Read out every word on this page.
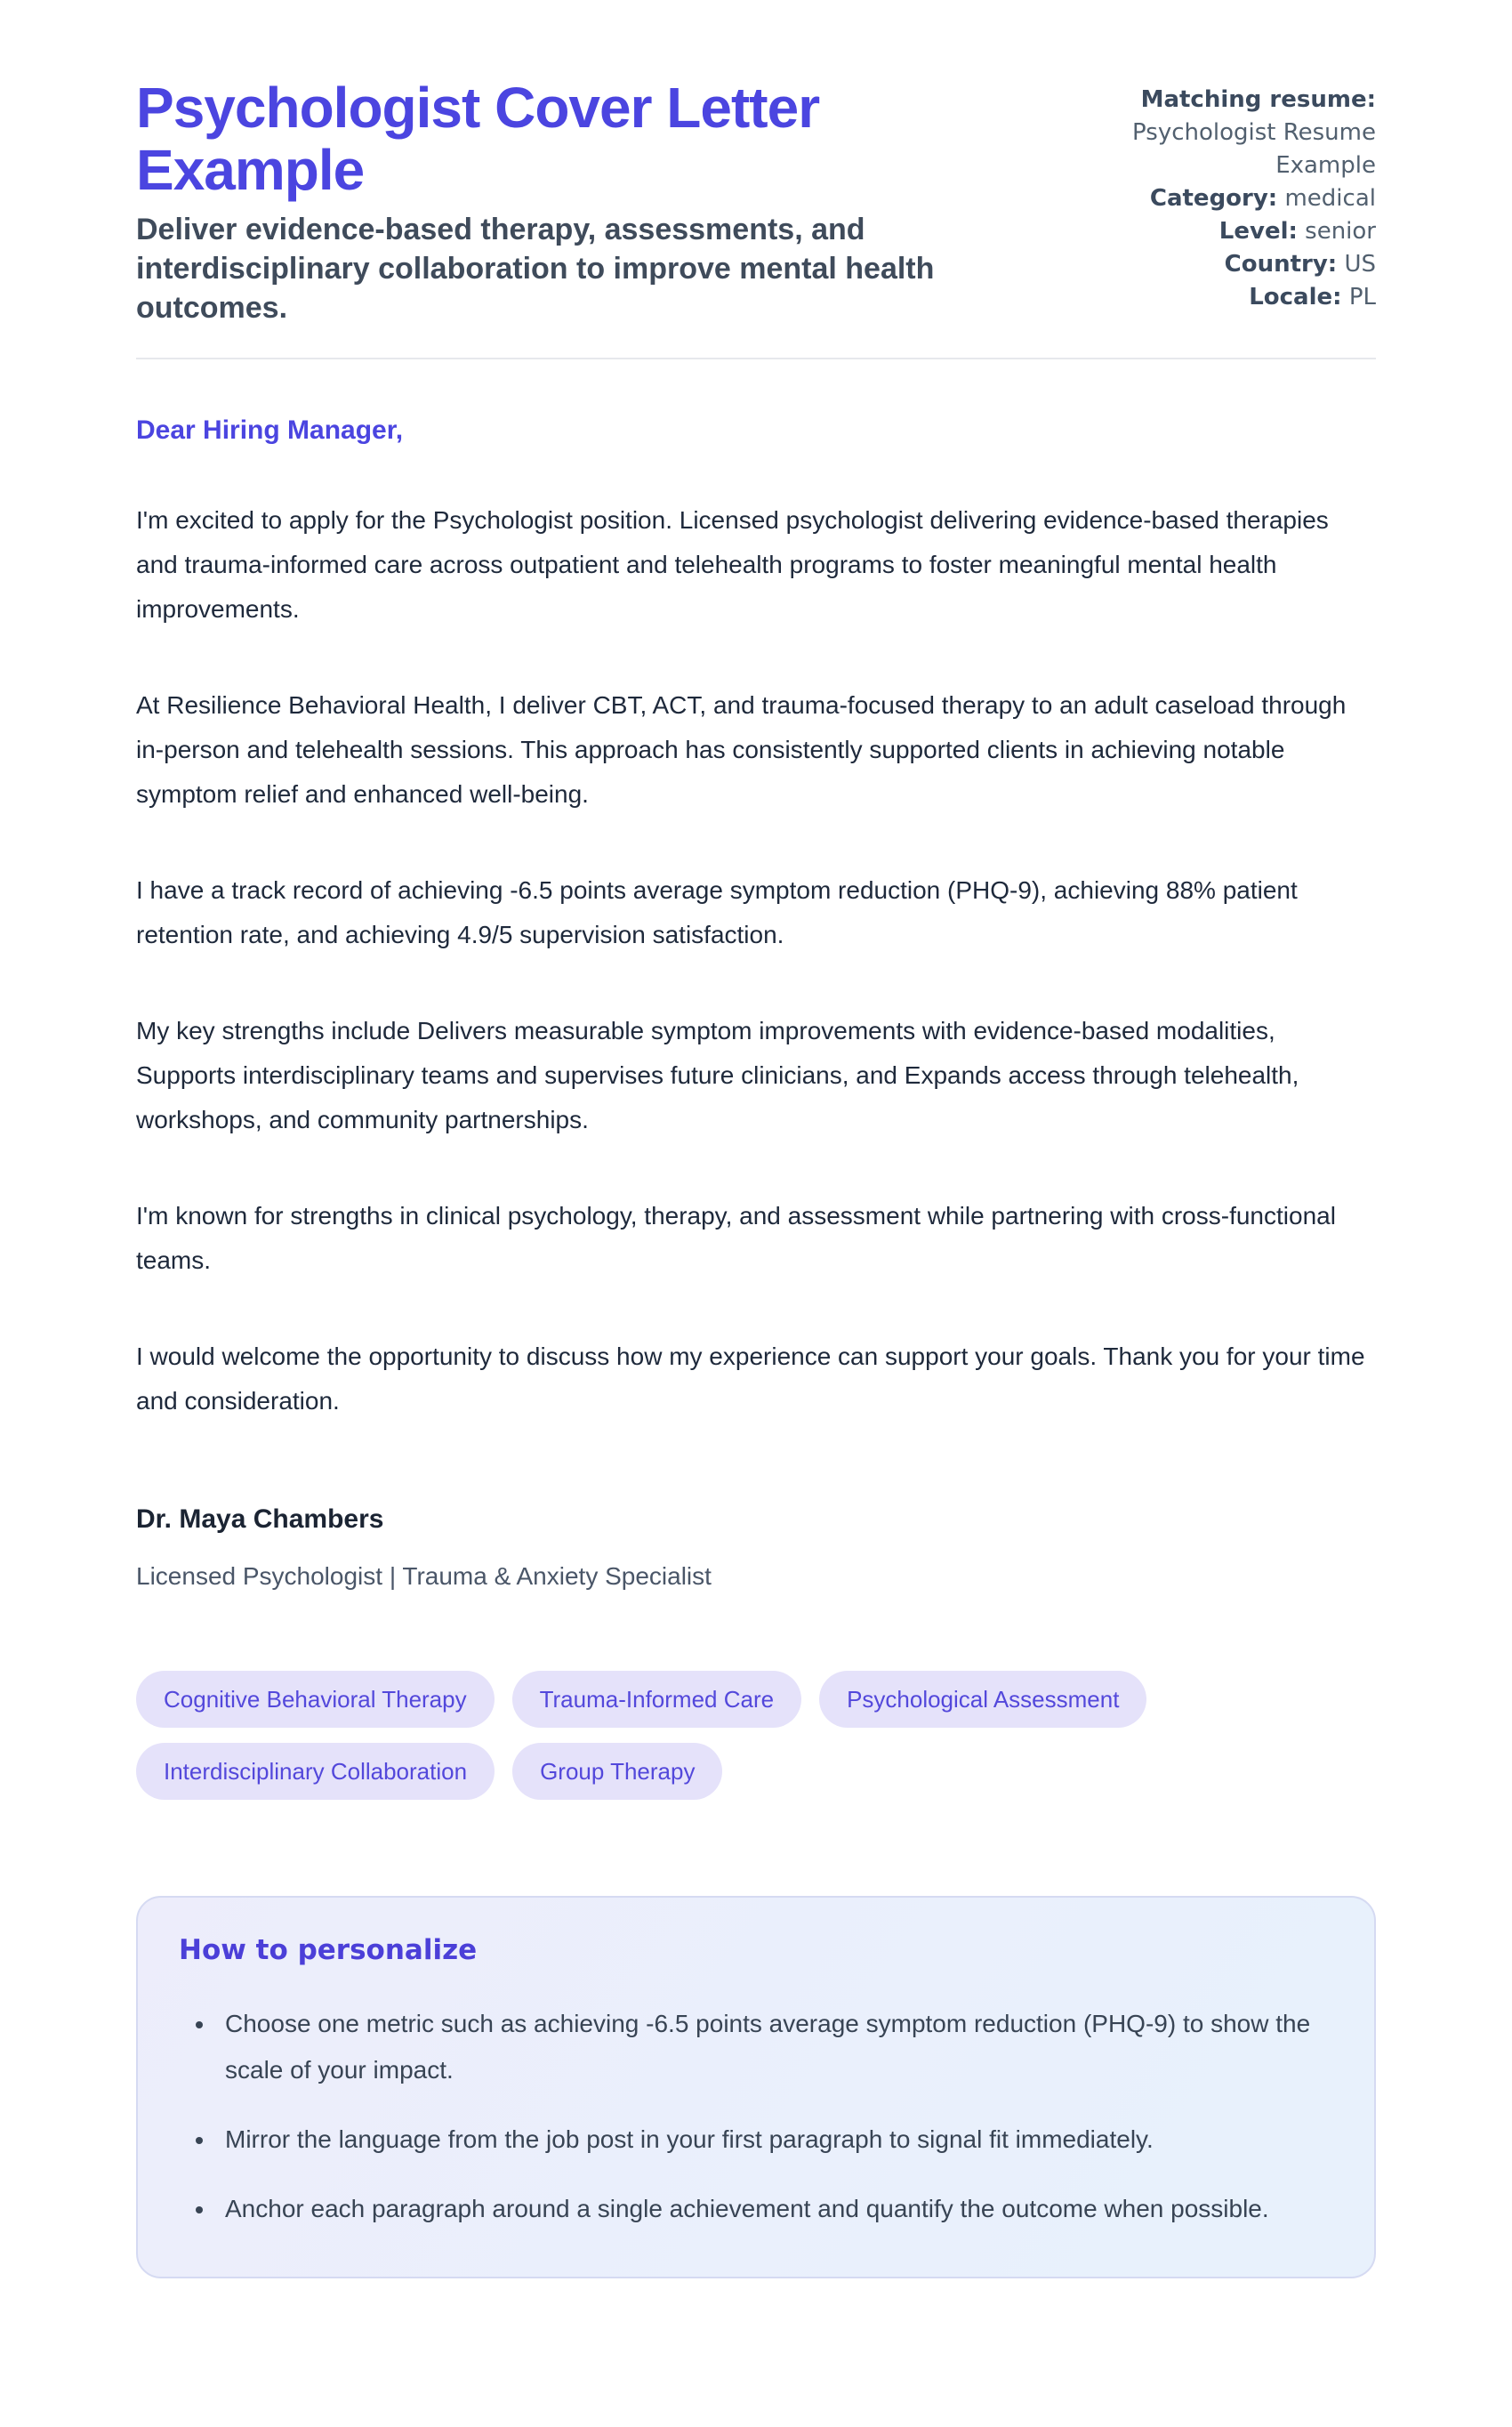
Psychologist Cover Letter Example

Deliver evidence-based therapy, assessments, and interdisciplinary collaboration to improve mental health outcomes.

Matching resume: Psychologist Resume Example
Category: medical
Level: senior
Country: US
Locale: PL

Dear Hiring Manager,

I'm excited to apply for the Psychologist position. Licensed psychologist delivering evidence-based therapies and trauma-informed care across outpatient and telehealth programs to foster meaningful mental health improvements.

At Resilience Behavioral Health, I deliver CBT, ACT, and trauma-focused therapy to an adult caseload through in-person and telehealth sessions. This approach has consistently supported clients in achieving notable symptom relief and enhanced well-being.

I have a track record of achieving -6.5 points average symptom reduction (PHQ-9), achieving 88% patient retention rate, and achieving 4.9/5 supervision satisfaction.

My key strengths include Delivers measurable symptom improvements with evidence-based modalities, Supports interdisciplinary teams and supervises future clinicians, and Expands access through telehealth, workshops, and community partnerships.

I'm known for strengths in clinical psychology, therapy, and assessment while partnering with cross-functional teams.

I would welcome the opportunity to discuss how my experience can support your goals. Thank you for your time and consideration.

Dr. Maya Chambers

Licensed Psychologist | Trauma & Anxiety Specialist

Cognitive Behavioral Therapy	Trauma-Informed Care	Psychological Assessment
Interdisciplinary Collaboration	Group Therapy
How to personalize
• Choose one metric such as achieving -6.5 points average symptom reduction (PHQ-9) to show the scale of your impact.
• Mirror the language from the job post in your first paragraph to signal fit immediately.
• Anchor each paragraph around a single achievement and quantify the outcome when possible.
